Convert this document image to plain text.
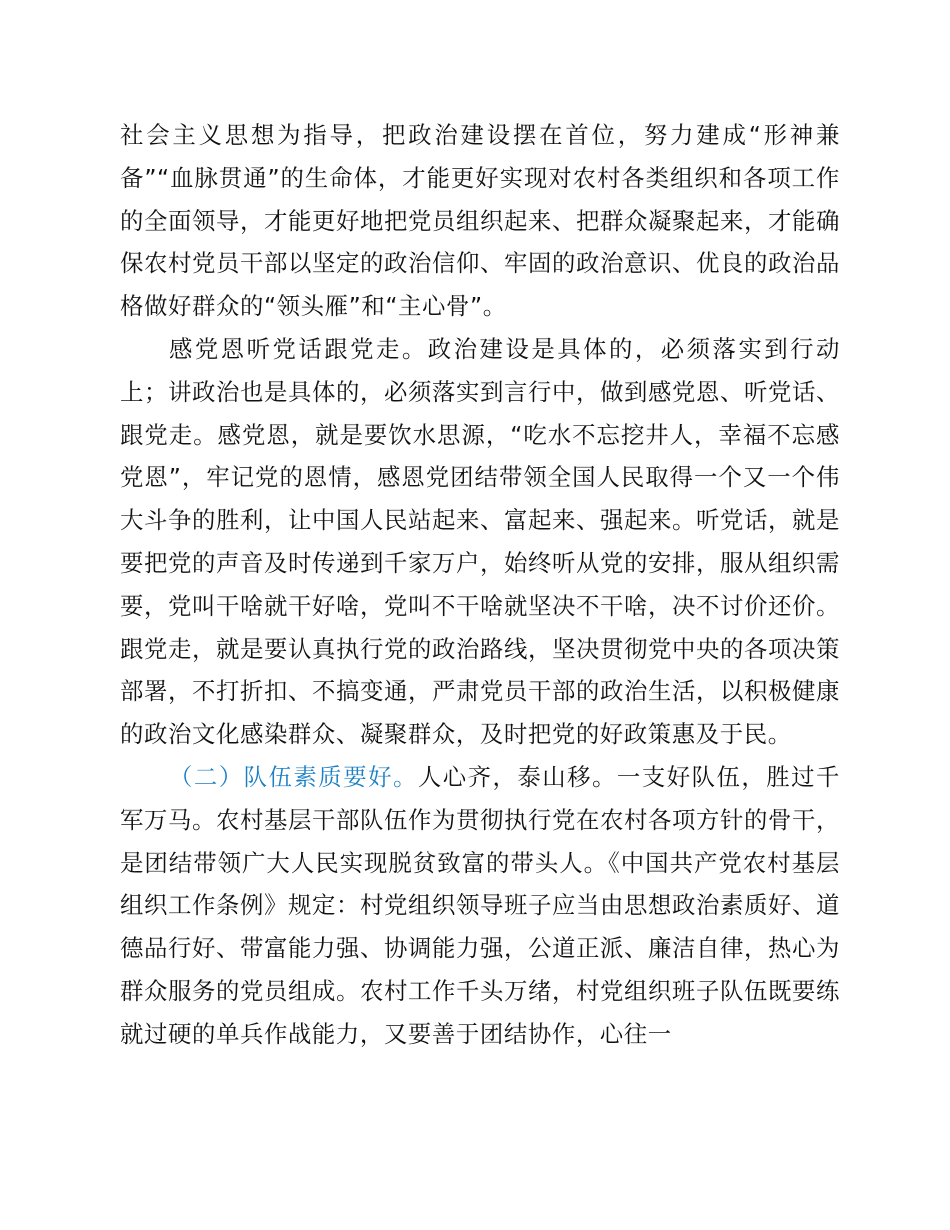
社会主义思想为指导，把政治建设摆在首位，努力建成“形神兼备”“血脉贯通”的生命体，才能更好实现对农村各类组织和各项工作的全面领导，才能更好地把党员组织起来、把群众凝聚起来，才能确保农村党员干部以坚定的政治信仰、牢固的政治意识、优良的政治品格做好群众的“领头雁”和“主心骨”。

感党恩听党话跟党走。政治建设是具体的，必须落实到行动上；讲政治也是具体的，必须落实到言行中，做到感党恩、听党话、跟党走。感党恩，就是要饮水思源，“吃水不忘挖井人，幸福不忘感党恩”，牢记党的恩情，感恩党团结带领全国人民取得一个又一个伟大斗争的胜利，让中国人民站起来、富起来、强起来。听党话，就是要把党的声音及时传递到千家万户，始终听从党的安排，服从组织需要，党叫干啥就干好啥，党叫不干啥就坚决不干啥，决不讨价还价。跟党走，就是要认真执行党的政治路线，坚决贯彻党中央的各项决策部署，不打折扣、不搞变通，严肃党员干部的政治生活，以积极健康的政治文化感染群众、凝聚群众，及时把党的好政策惠及于民。

（二）队伍素质要好。人心齐，泰山移。一支好队伍，胜过千军万马。农村基层干部队伍作为贯彻执行党在农村各项方针的骨干，是团结带领广大人民实现脱贫致富的带头人。《中国共产党农村基层组织工作条例》规定：村党组织领导班子应当由思想政治素质好、道德品行好、带富能力强、协调能力强，公道正派、廉洁自律，热心为群众服务的党员组成。农村工作千头万绪，村党组织班子队伍既要练就过硬的单兵作战能力，又要善于团结协作，心往一
